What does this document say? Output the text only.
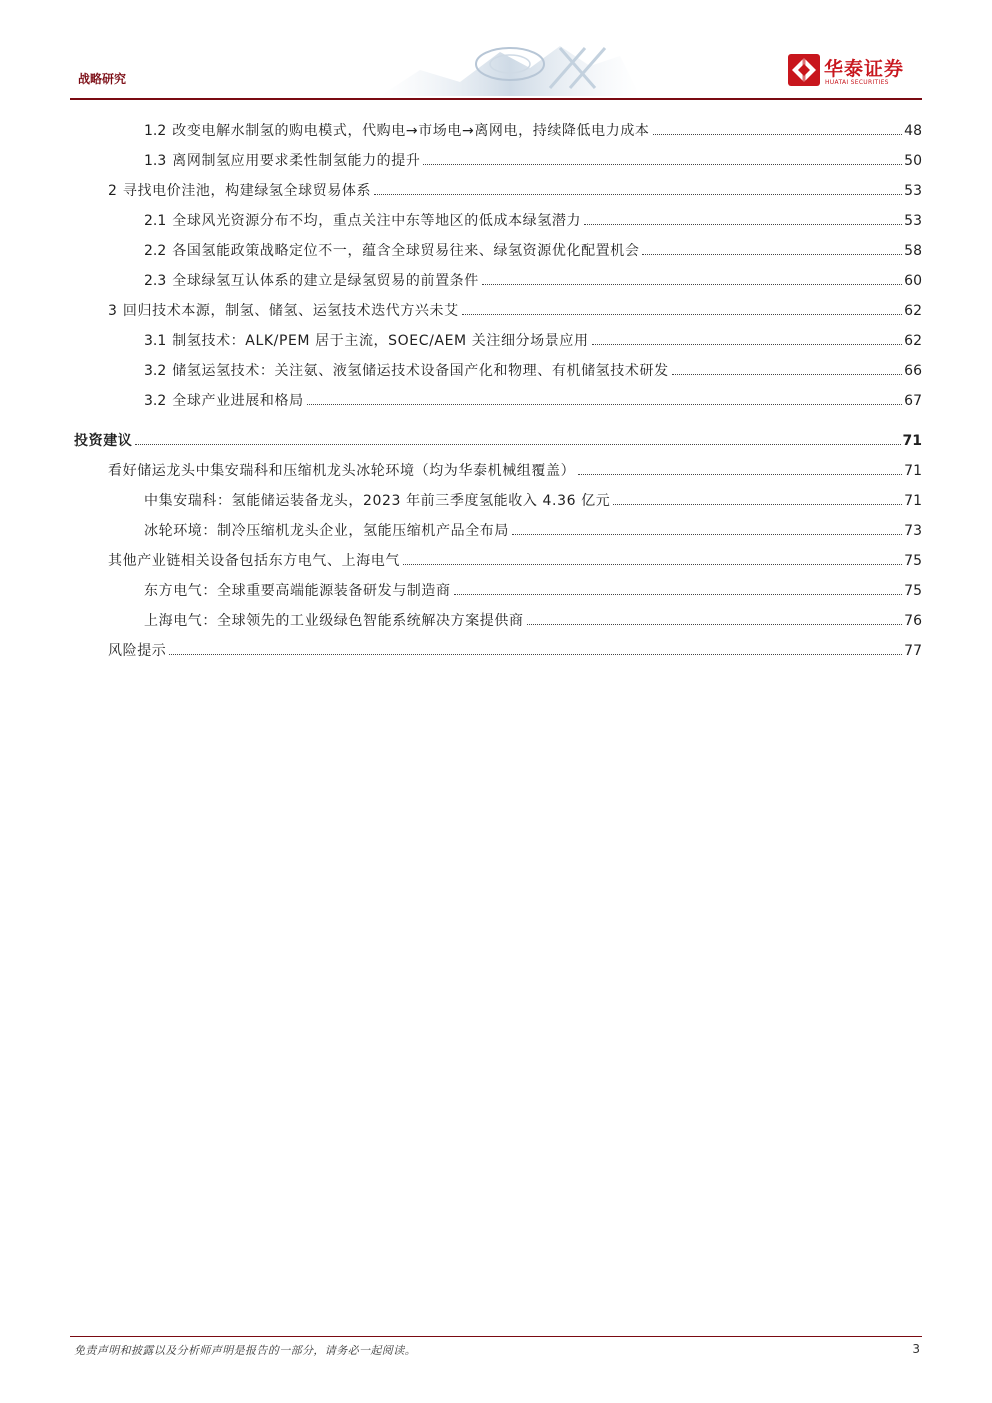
战略研究	华泰证券
HUATAI SECURITIES
1.2 改变电解水制氢的购电模式，代购电→市场电→离网电，持续降低电力成本	48
1.3 离网制氢应用要求柔性制氢能力的提升	50
2 寻找电价洼池，构建绿氢全球贸易体系	53
2.1 全球风光资源分布不均，重点关注中东等地区的低成本绿氢潜力	53
2.2 各国氢能政策战略定位不一，蕴含全球贸易往来、绿氢资源优化配置机会	58
2.3 全球绿氢互认体系的建立是绿氢贸易的前置条件	60
3 回归技术本源，制氢、储氢、运氢技术迭代方兴未艾	62
3.1 制氢技术：ALK/PEM 居于主流，SOEC/AEM 关注细分场景应用	62
3.2 储氢运氢技术：关注氨、液氢储运技术设备国产化和物理、有机储氢技术研发	66
3.2 全球产业进展和格局	67
投资建议	71
看好储运龙头中集安瑞科和压缩机龙头冰轮环境（均为华泰机械组覆盖）	71
中集安瑞科：氢能储运装备龙头，2023 年前三季度氢能收入 4.36 亿元	71
冰轮环境：制冷压缩机龙头企业，氢能压缩机产品全布局	73
其他产业链相关设备包括东方电气、上海电气	75
东方电气：全球重要高端能源装备研发与制造商	75
上海电气：全球领先的工业级绿色智能系统解决方案提供商	76
风险提示	77
免责声明和披露以及分析师声明是报告的一部分，请务必一起阅读。	3
